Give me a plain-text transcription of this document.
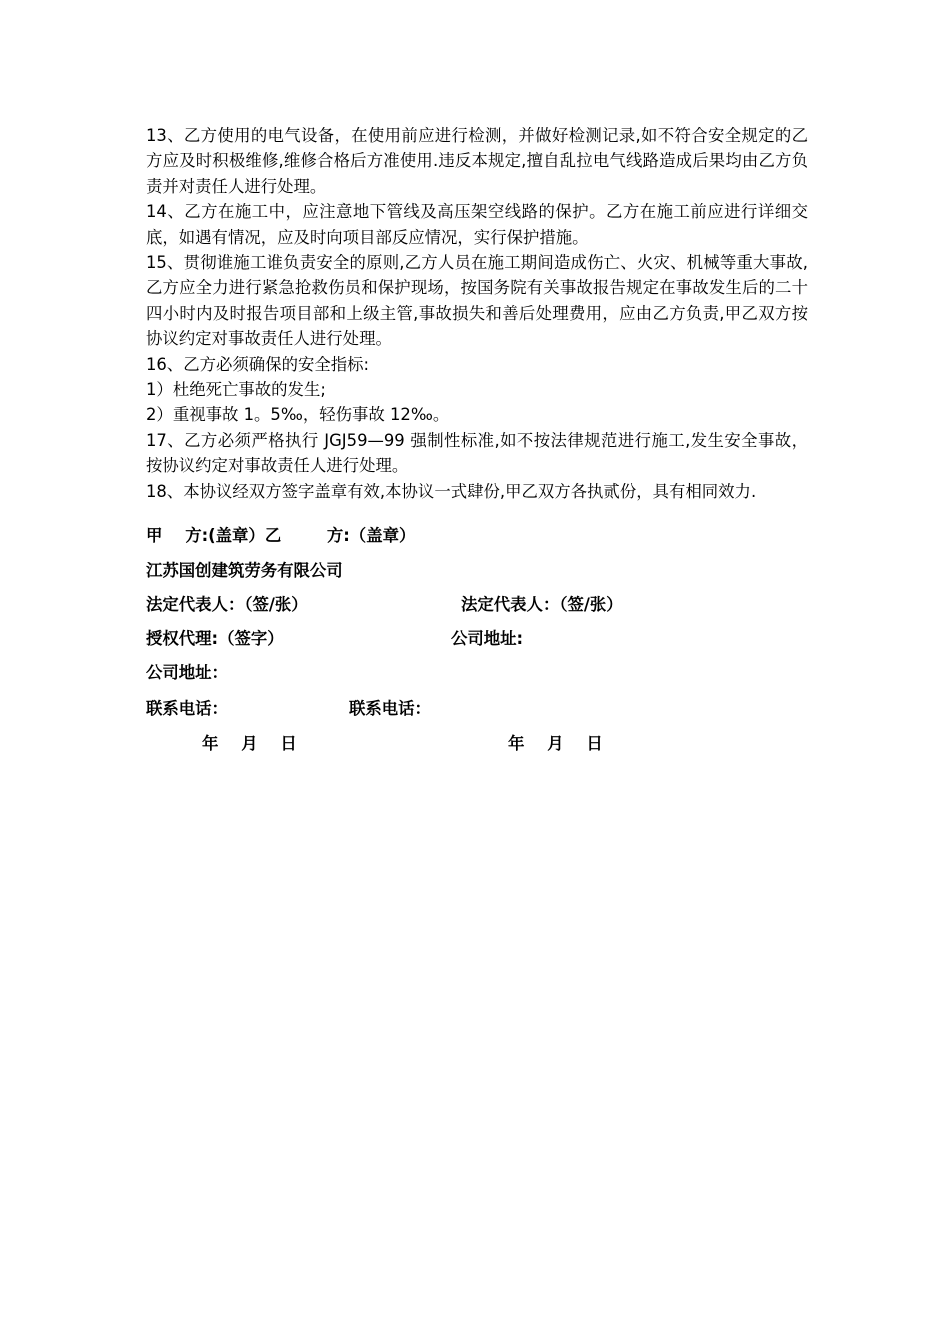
13、乙方使用的电气设备，在使用前应进行检测，并做好检测记录,如不符合安全规定的乙方应及时积极维修,维修合格后方准使用.违反本规定,擅自乱拉电气线路造成后果均由乙方负责并对责任人进行处理。

14、乙方在施工中，应注意地下管线及高压架空线路的保护。乙方在施工前应进行详细交底，如遇有情况，应及时向项目部反应情况，实行保护措施。

15、贯彻谁施工谁负责安全的原则,乙方人员在施工期间造成伤亡、火灾、机械等重大事故,乙方应全力进行紧急抢救伤员和保护现场，按国务院有关事故报告规定在事故发生后的二十四小时内及时报告项目部和上级主管,事故损失和善后处理费用，应由乙方负责,甲乙双方按协议约定对事故责任人进行处理。

16、乙方必须确保的安全指标:

1）杜绝死亡事故的发生;

2）重视事故 1。5‰，轻伤事故 12‰。

17、乙方必须严格执行 JGJ59—99 强制性标准,如不按法律规范进行施工,发生安全事故，按协议约定对事故责任人进行处理。

18、本协议经双方签字盖章有效,本协议一式肆份,甲乙双方各执贰份，具有相同效力.

甲    方:(盖章）乙        方:（盖章）
江苏国创建筑劳务有限公司
法定代表人：（签/张）	法定代表人：（签/张）
授权代理:（签字）	公司地址:
公司地址：
联系电话：	联系电话：
年    月    日	年    月    日
